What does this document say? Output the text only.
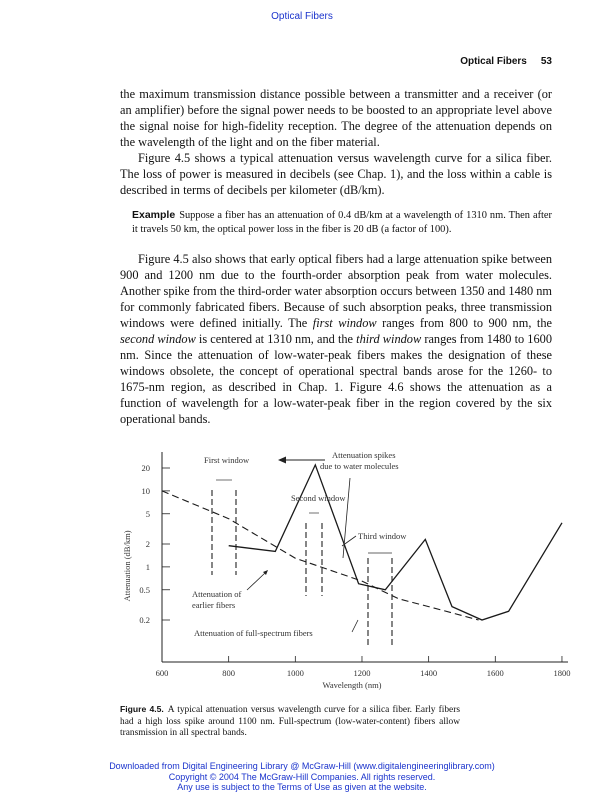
Optical Fibers
Optical Fibers 53

the maximum transmission distance possible between a transmitter and a receiver (or an amplifier) before the signal power needs to be boosted to an appropriate level above the signal noise for high-fidelity reception. The degree of the attenuation depends on the wavelength of the light and on the fiber material.

Figure 4.5 shows a typical attenuation versus wavelength curve for a silica fiber. The loss of power is measured in decibels (see Chap. 1), and the loss within a cable is described in terms of decibels per kilometer (dB/km).

Example Suppose a fiber has an attenuation of 0.4 dB/km at a wavelength of 1310 nm. Then after it travels 50 km, the optical power loss in the fiber is 20 dB (a factor of 100).

Figure 4.5 also shows that early optical fibers had a large attenuation spike between 900 and 1200 nm due to the fourth-order absorption peak from water molecules. Another spike from the third-order water absorption occurs between 1350 and 1480 nm for commonly fabricated fibers. Because of such absorption peaks, three transmission windows were defined initially. The first window ranges from 800 to 900 nm, the second window is centered at 1310 nm, and the third window ranges from 1480 to 1600 nm. Since the attenuation of low-water-peak fibers makes the designation of these windows obsolete, the concept of operational spectral bands arose for the 1260- to 1675-nm region, as described in Chap. 1. Figure 4.6 shows the attenuation as a function of wavelength for a low-water-peak fiber in the region covered by the six operational bands.

20
10
5
2
1
0.5
0.2
600	800	1000	1200	1400	1600	1800
First window	Attenuation spikes
due to water molecules
Second window
Third window
Attenuation of
earlier fibers
Attenuation of full-spectrum fibers
Attenuation (dB/km)
Wavelength (nm)
Figure 4.5. A typical attenuation versus wavelength curve for a silica fiber. Early fibers had a high loss spike around 1100 nm. Full-spectrum (low-water-content) fibers allow transmission in all spectral bands.
Downloaded from Digital Engineering Library @ McGraw-Hill (www.digitalengineeringlibrary.com)
Copyright © 2004 The McGraw-Hill Companies. All rights reserved.
Any use is subject to the Terms of Use as given at the website.
